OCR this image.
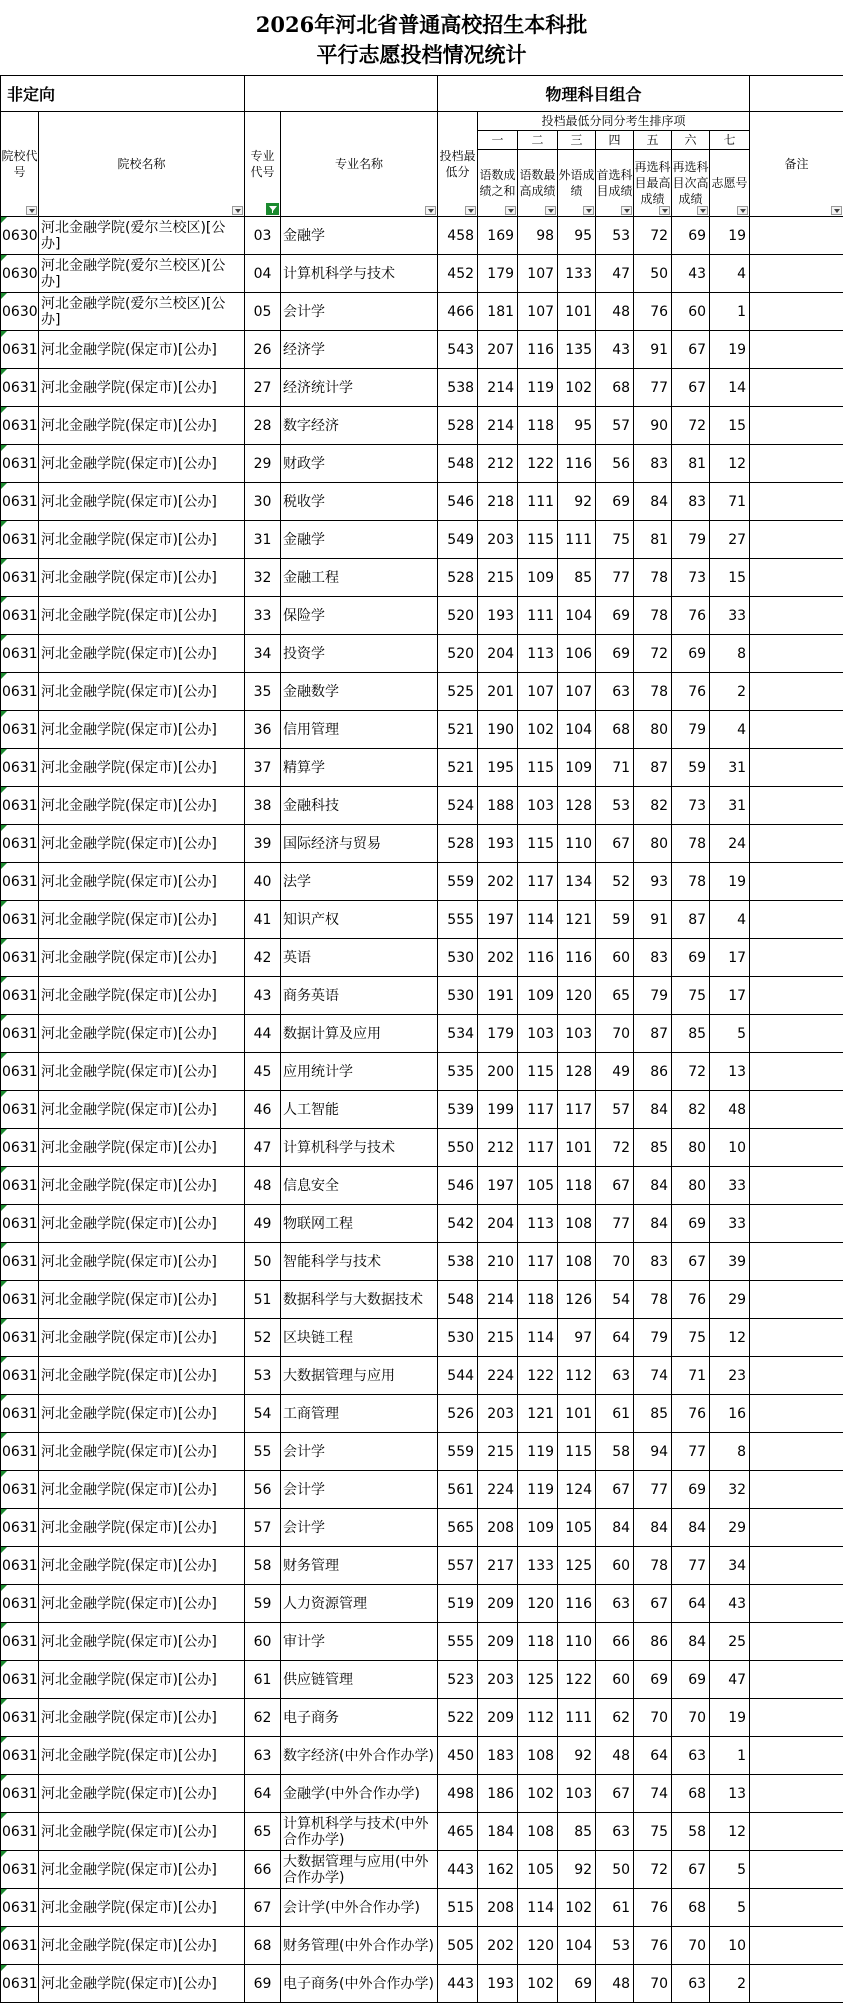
2026年河北省普通高校招生本科批
平行志愿投档情况统计
非定向				物理科目组合								
院校代号	院校名称	专业代号	专业名称	投档最低分	投档最低分同分考生排序项							备注

					一	二	三	四	五	六	七	
					语数成绩之和	语数最高成绩	外语成绩	首选科目成绩	再选科目最高成绩	再选科目次高成绩	志愿号	

0630	河北金融学院(爱尔兰校区)[公办]	03	金融学	458	169	98	95	53	72	69	19	
0630	河北金融学院(爱尔兰校区)[公办]	04	计算机科学与技术	452	179	107	133	47	50	43	4	
0630	河北金融学院(爱尔兰校区)[公办]	05	会计学	466	181	107	101	48	76	60	1	
0631	河北金融学院(保定市)[公办]	26	经济学	543	207	116	135	43	91	67	19	
0631	河北金融学院(保定市)[公办]	27	经济统计学	538	214	119	102	68	77	67	14	
0631	河北金融学院(保定市)[公办]	28	数字经济	528	214	118	95	57	90	72	15	
0631	河北金融学院(保定市)[公办]	29	财政学	548	212	122	116	56	83	81	12	
0631	河北金融学院(保定市)[公办]	30	税收学	546	218	111	92	69	84	83	71	
0631	河北金融学院(保定市)[公办]	31	金融学	549	203	115	111	75	81	79	27	
0631	河北金融学院(保定市)[公办]	32	金融工程	528	215	109	85	77	78	73	15	
0631	河北金融学院(保定市)[公办]	33	保险学	520	193	111	104	69	78	76	33	
0631	河北金融学院(保定市)[公办]	34	投资学	520	204	113	106	69	72	69	8	
0631	河北金融学院(保定市)[公办]	35	金融数学	525	201	107	107	63	78	76	2	
0631	河北金融学院(保定市)[公办]	36	信用管理	521	190	102	104	68	80	79	4	
0631	河北金融学院(保定市)[公办]	37	精算学	521	195	115	109	71	87	59	31	
0631	河北金融学院(保定市)[公办]	38	金融科技	524	188	103	128	53	82	73	31	
0631	河北金融学院(保定市)[公办]	39	国际经济与贸易	528	193	115	110	67	80	78	24	
0631	河北金融学院(保定市)[公办]	40	法学	559	202	117	134	52	93	78	19	
0631	河北金融学院(保定市)[公办]	41	知识产权	555	197	114	121	59	91	87	4	
0631	河北金融学院(保定市)[公办]	42	英语	530	202	116	116	60	83	69	17	
0631	河北金融学院(保定市)[公办]	43	商务英语	530	191	109	120	65	79	75	17	
0631	河北金融学院(保定市)[公办]	44	数据计算及应用	534	179	103	103	70	87	85	5	
0631	河北金融学院(保定市)[公办]	45	应用统计学	535	200	115	128	49	86	72	13	
0631	河北金融学院(保定市)[公办]	46	人工智能	539	199	117	117	57	84	82	48	
0631	河北金融学院(保定市)[公办]	47	计算机科学与技术	550	212	117	101	72	85	80	10	
0631	河北金融学院(保定市)[公办]	48	信息安全	546	197	105	118	67	84	80	33	
0631	河北金融学院(保定市)[公办]	49	物联网工程	542	204	113	108	77	84	69	33	
0631	河北金融学院(保定市)[公办]	50	智能科学与技术	538	210	117	108	70	83	67	39	
0631	河北金融学院(保定市)[公办]	51	数据科学与大数据技术	548	214	118	126	54	78	76	29	
0631	河北金融学院(保定市)[公办]	52	区块链工程	530	215	114	97	64	79	75	12	
0631	河北金融学院(保定市)[公办]	53	大数据管理与应用	544	224	122	112	63	74	71	23	
0631	河北金融学院(保定市)[公办]	54	工商管理	526	203	121	101	61	85	76	16	
0631	河北金融学院(保定市)[公办]	55	会计学	559	215	119	115	58	94	77	8	
0631	河北金融学院(保定市)[公办]	56	会计学	561	224	119	124	67	77	69	32	
0631	河北金融学院(保定市)[公办]	57	会计学	565	208	109	105	84	84	84	29	
0631	河北金融学院(保定市)[公办]	58	财务管理	557	217	133	125	60	78	77	34	
0631	河北金融学院(保定市)[公办]	59	人力资源管理	519	209	120	116	63	67	64	43	
0631	河北金融学院(保定市)[公办]	60	审计学	555	209	118	110	66	86	84	25	
0631	河北金融学院(保定市)[公办]	61	供应链管理	523	203	125	122	60	69	69	47	
0631	河北金融学院(保定市)[公办]	62	电子商务	522	209	112	111	62	70	70	19	
0631	河北金融学院(保定市)[公办]	63	数字经济(中外合作办学)	450	183	108	92	48	64	63	1	
0631	河北金融学院(保定市)[公办]	64	金融学(中外合作办学)	498	186	102	103	67	74	68	13	
0631	河北金融学院(保定市)[公办]	65	计算机科学与技术(中外合作办学)	465	184	108	85	63	75	58	12	
0631	河北金融学院(保定市)[公办]	66	大数据管理与应用(中外合作办学)	443	162	105	92	50	72	67	5	
0631	河北金融学院(保定市)[公办]	67	会计学(中外合作办学)	515	208	114	102	61	76	68	5	
0631	河北金融学院(保定市)[公办]	68	财务管理(中外合作办学)	505	202	120	104	53	76	70	10	
0631	河北金融学院(保定市)[公办]	69	电子商务(中外合作办学)	443	193	102	69	48	70	63	2	
